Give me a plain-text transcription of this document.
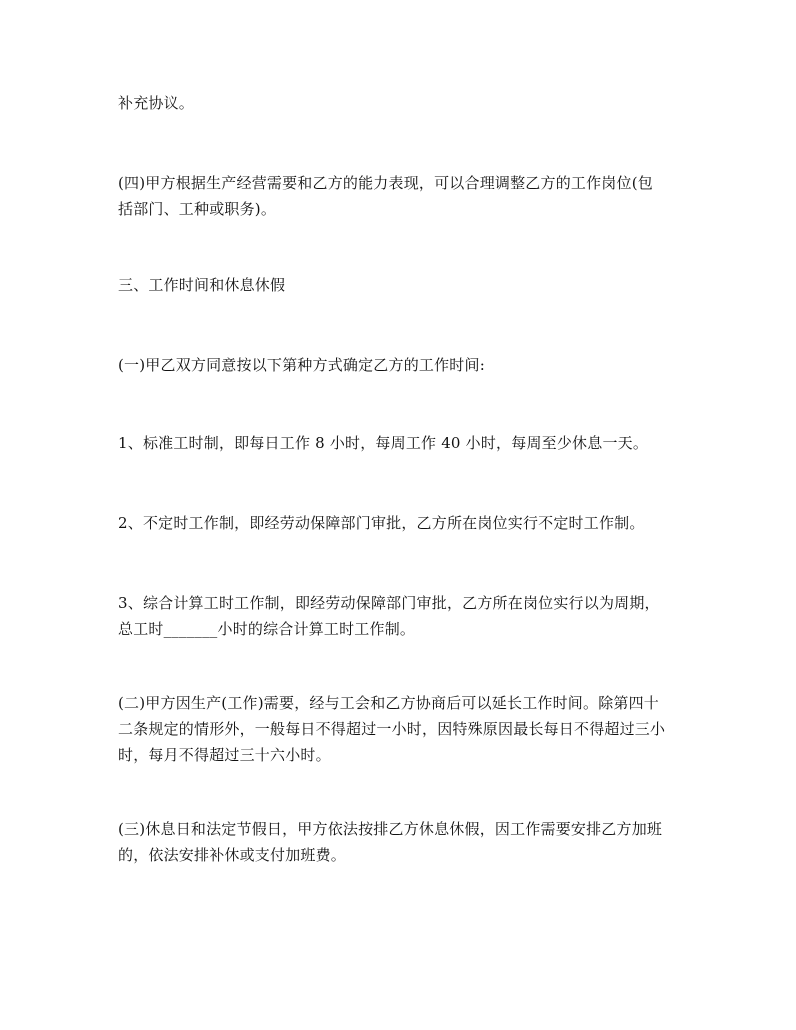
补充协议。

(四)甲方根据生产经营需要和乙方的能力表现，可以合理调整乙方的工作岗位(包
括部门、工种或职务)。

三、工作时间和休息休假

(一)甲乙双方同意按以下第种方式确定乙方的工作时间:

1、标准工时制，即每日工作 8 小时，每周工作 40 小时，每周至少休息一天。

2、不定时工作制，即经劳动保障部门审批，乙方所在岗位实行不定时工作制。

3、综合计算工时工作制，即经劳动保障部门审批，乙方所在岗位实行以为周期，
总工时_______小时的综合计算工时工作制。

(二)甲方因生产(工作)需要，经与工会和乙方协商后可以延长工作时间。除第四十
二条规定的情形外，一般每日不得超过一小时，因特殊原因最长每日不得超过三小
时，每月不得超过三十六小时。

(三)休息日和法定节假日，甲方依法按排乙方休息休假，因工作需要安排乙方加班
的，依法安排补休或支付加班费。
